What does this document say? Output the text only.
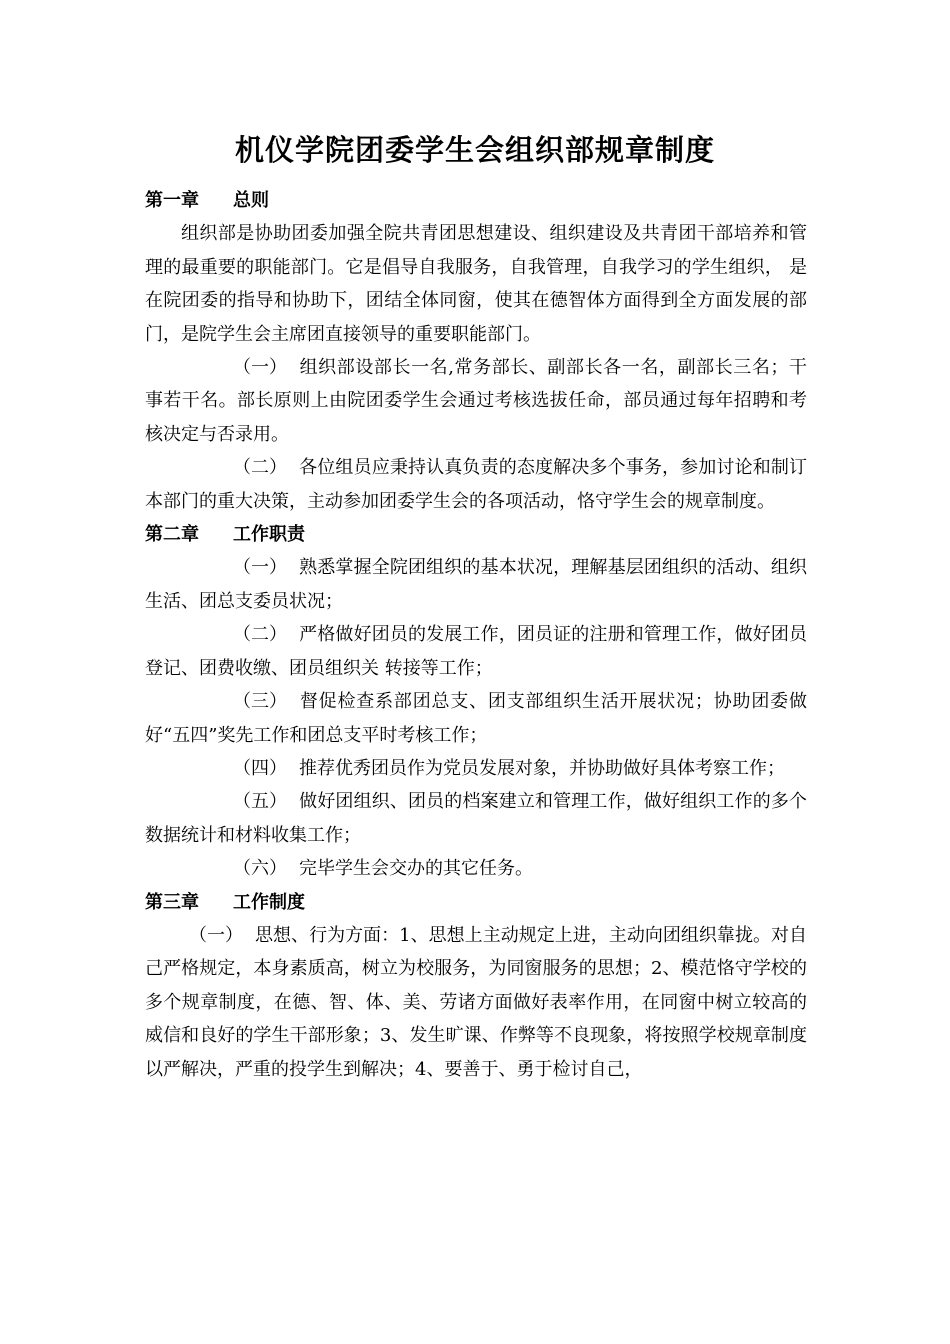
机仪学院团委学生会组织部规章制度
第一章 总则

组织部是协助团委加强全院共青团思想建设、组织建设及共青团干部培养和管理的最重要的职能部门。它是倡导自我服务，自我管理，自我学习的学生组织， 是在院团委的指导和协助下，团结全体同窗，使其在德智体方面得到全方面发展的部门，是院学生会主席团直接领导的重要职能部门。

（一） 组织部设部长一名,常务部长、副部长各一名，副部长三名；干事若干名。部长原则上由院团委学生会通过考核选拔任命，部员通过每年招聘和考核决定与否录用。

（二） 各位组员应秉持认真负责的态度解决多个事务，参加讨论和制订本部门的重大决策，主动参加团委学生会的各项活动，恪守学生会的规章制度。

第二章 工作职责

（一） 熟悉掌握全院团组织的基本状况，理解基层团组织的活动、组织生活、团总支委员状况；

（二） 严格做好团员的发展工作，团员证的注册和管理工作，做好团员登记、团费收缴、团员组织关 转接等工作；

（三） 督促检查系部团总支、团支部组织生活开展状况；协助团委做好“五四”奖先工作和团总支平时考核工作；

（四） 推荐优秀团员作为党员发展对象，并协助做好具体考察工作；

（五） 做好团组织、团员的档案建立和管理工作，做好组织工作的多个数据统计和材料收集工作；

（六） 完毕学生会交办的其它任务。

第三章 工作制度

（一） 思想、行为方面：1、思想上主动规定上进，主动向团组织靠拢。对自己严格规定，本身素质高，树立为校服务，为同窗服务的思想；2、模范恪守学校的多个规章制度，在德、智、体、美、劳诸方面做好表率作用，在同窗中树立较高的威信和良好的学生干部形象；3、发生旷课、作弊等不良现象，将按照学校规章制度以严解决，严重的投学生到解决；4、要善于、勇于检讨自己，
